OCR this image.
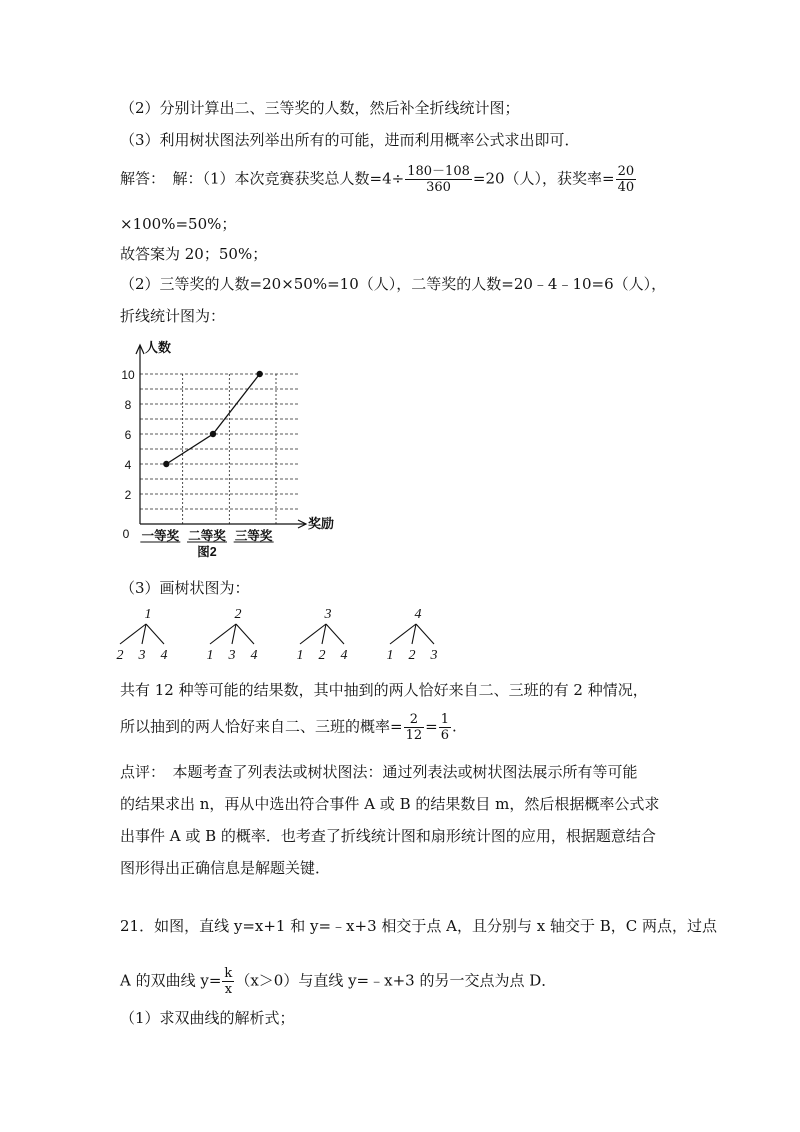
（2）分别计算出二、三等奖的人数，然后补全折线统计图；
（3）利用树状图法列举出所有的可能，进而利用概率公式求出即可．
解答：　解：（1）本次竞赛获奖总人数$=4\div \frac{180-108}{360} =20$（人），获奖率= $\frac{20}{40}$
×100%=50%；
故答案为 20；50%；
（2）三等奖的人数=20×50%=10（人），二等奖的人数=20﹣4﹣10=6（人），
折线统计图为：
人数
奖励
0
2
4
6
8
10
一等奖 二等奖 三等奖
图2
（3）画树状图为：
1
2 3 4
2
1 3 4
3
1 2 4
4
1 2 3
共有 12 种等可能的结果数，其中抽到的两人恰好来自二、三班的有 2 种情况，
所以抽到的两人恰好来自二、三班的概率= $\frac{2}{12} = \frac{1}{6}$ .
点评：　本题考查了列表法或树状图法：通过列表法或树状图法展示所有等可能
的结果求出 n，再从中选出符合事件 A 或 B 的结果数目 m，然后根据概率公式求
出事件 A 或 B 的概率．也考查了折线统计图和扇形统计图的应用，根据题意结合
图形得出正确信息是解题关键．
21．如图，直线 y=x+1 和 y=﹣x+3 相交于点 A，且分别与 x 轴交于 B，C 两点，过点
A 的双曲线 $y= \frac{k}{x} (x>0)$与直线 y=﹣x+3 的另一交点为点 D．
（1）求双曲线的解析式；
